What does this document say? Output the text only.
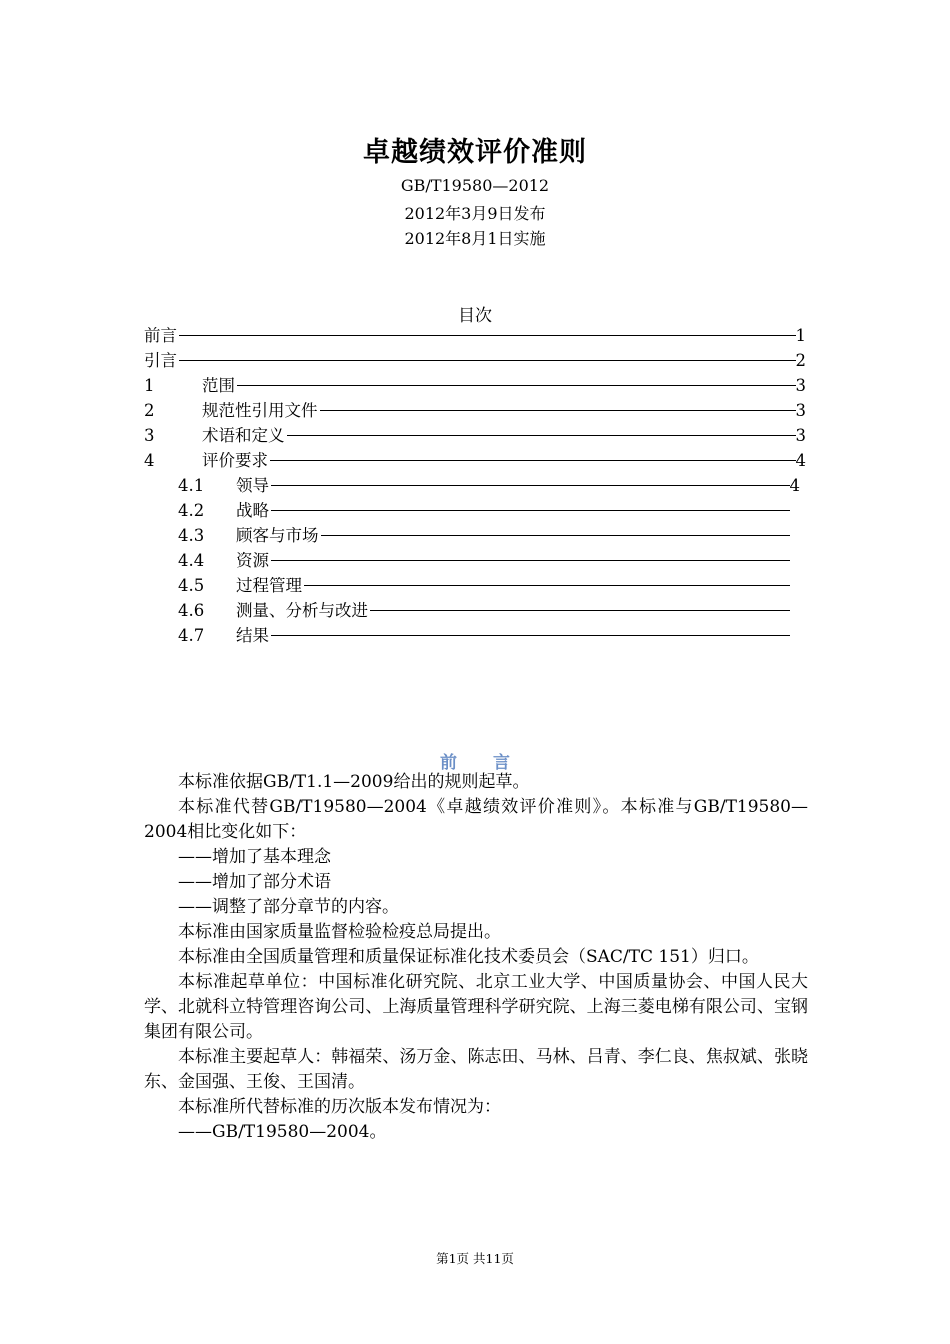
卓越绩效评价准则
GB/T19580—2012
2012年3月9日发布
2012年8月1日实施
目次
前言	1
引言	2
1	范围	3
2	规范性引用文件	3
3	术语和定义	3
4	评价要求	4
4.1 领导	4
4.2 战略
4.3 顾客与市场
4.4 资源
4.5 过程管理
4.6 测量、分析与改进
4.7 结果
前言

本标准依据GB/T1.1—2009给出的规则起草。

本标准代替GB/T19580—2004《卓越绩效评价准则》。本标准与GB/T19580—2004相比变化如下：

——增加了基本理念

——增加了部分术语

——调整了部分章节的内容。

本标准由国家质量监督检验检疫总局提出。

本标准由全国质量管理和质量保证标准化技术委员会（SAC/TC 151）归口。

本标准起草单位：中国标准化研究院、北京工业大学、中国质量协会、中国人民大学、北就科立特管理咨询公司、上海质量管理科学研究院、上海三菱电梯有限公司、宝钢集团有限公司。

本标准主要起草人：韩福荣、汤万金、陈志田、马林、吕青、李仁良、焦叔斌、张晓东、金国强、王俊、王国清。

本标准所代替标准的历次版本发布情况为：

——GB/T19580—2004。

第1页 共11页
